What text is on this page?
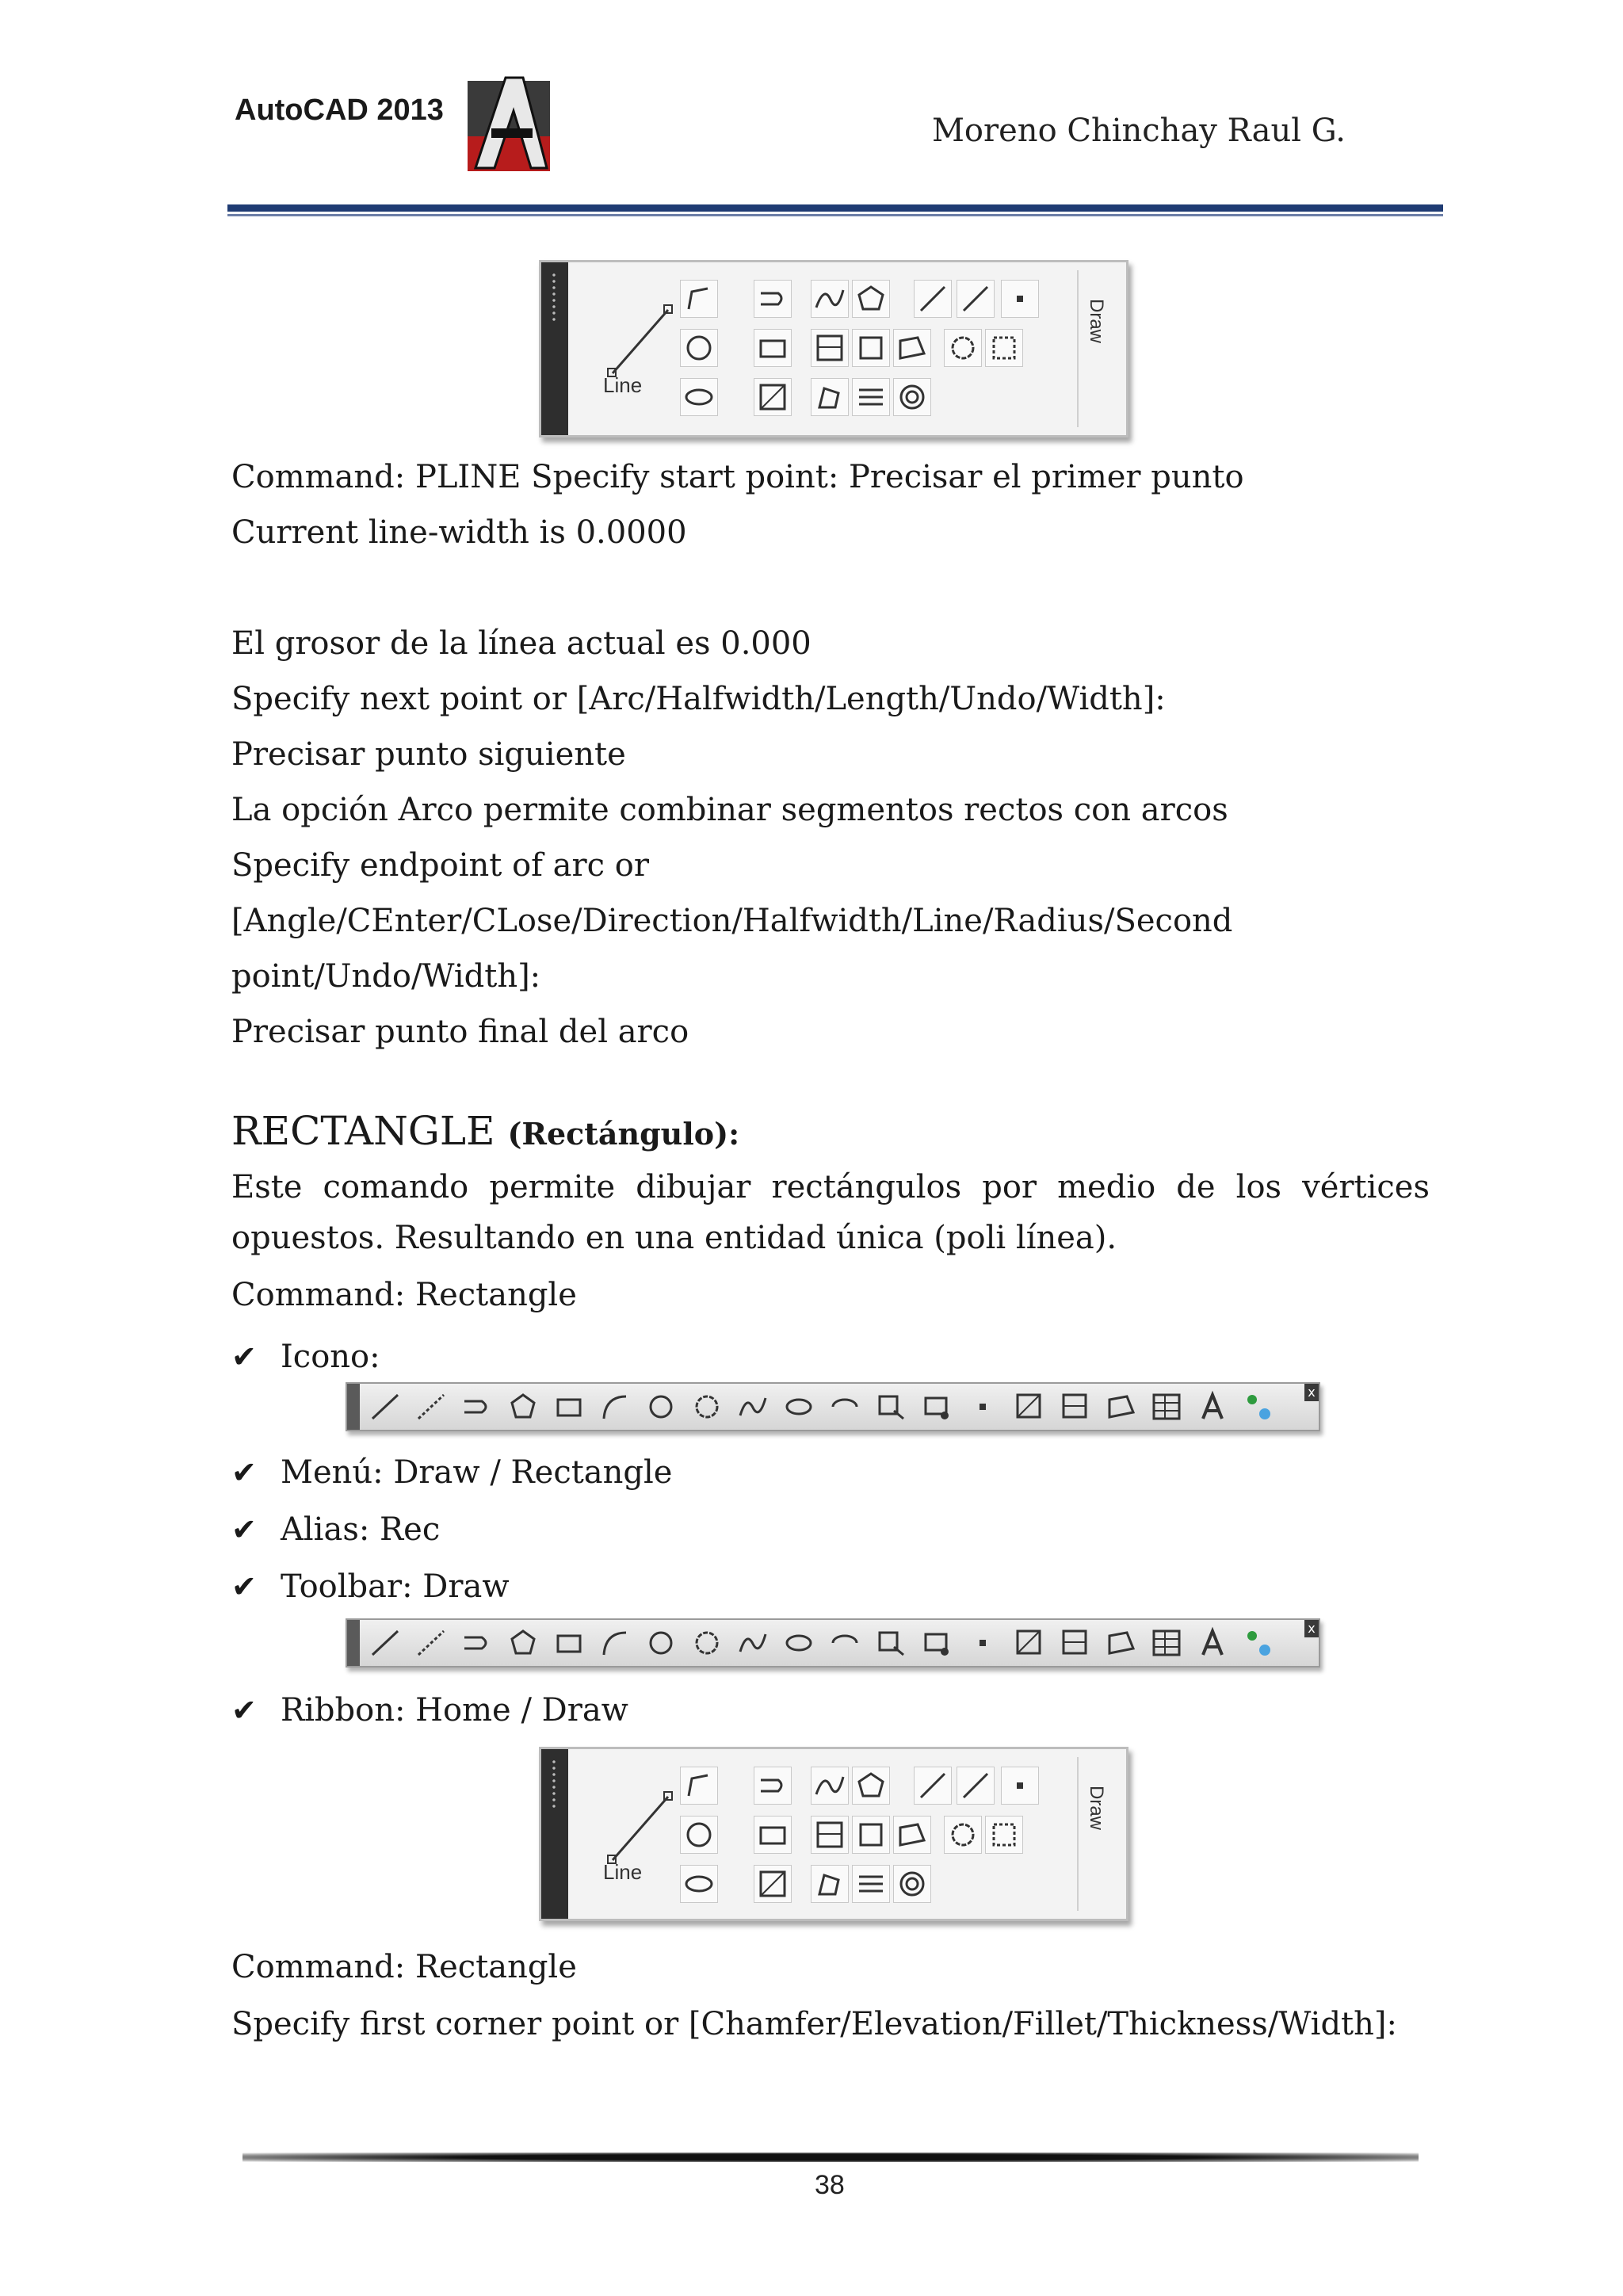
AutoCAD 2013
Moreno Chinchay Raul G.
Line
Draw
Command: PLINE Specify start point: Precisar el primer punto
Current line-width is 0.0000
El grosor de la línea actual es 0.000
Specify next point or [Arc/Halfwidth/Length/Undo/Width]:
Precisar punto siguiente
La opción Arco permite combinar segmentos rectos con arcos
Specify endpoint of arc or
[Angle/CEnter/CLose/Direction/Halfwidth/Line/Radius/Second
point/Undo/Width]:
Precisar punto final del arco
RECTANGLE (Rectángulo):
Este comando permite dibujar rectángulos por medio de los vértices opuestos. Resultando en una entidad única (poli línea).
Command: Rectangle
✔ Icono:
x
✔ Menú: Draw / Rectangle
✔ Alias: Rec
✔ Toolbar: Draw
x
✔ Ribbon: Home / Draw
Line
Draw
Command: Rectangle
Specify first corner point or [Chamfer/Elevation/Fillet/Thickness/Width]:
38
